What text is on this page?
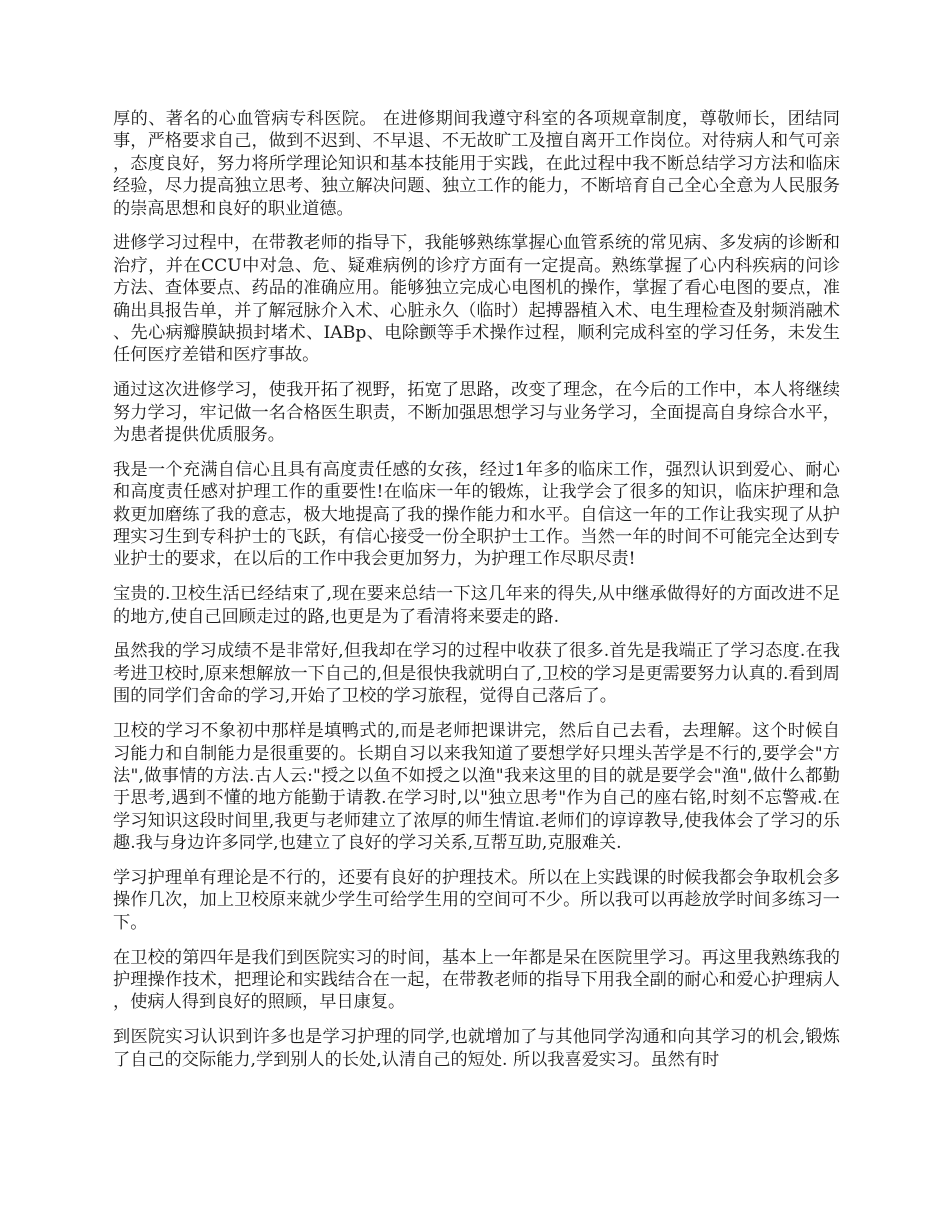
厚的、著名的心血管病专科医院。 在进修期间我遵守科室的各项规章制度，尊敬师长，团结同事，严格要求自己，做到不迟到、不早退、不无故旷工及擅自离开工作岗位。对待病人和气可亲，态度良好，努力将所学理论知识和基本技能用于实践，在此过程中我不断总结学习方法和临床经验，尽力提高独立思考、独立解决问题、独立工作的能力，不断培育自己全心全意为人民服务的崇高思想和良好的职业道德。

进修学习过程中，在带教老师的指导下，我能够熟练掌握心血管系统的常见病、多发病的诊断和治疗，并在CCU中对急、危、疑难病例的诊疗方面有一定提高。熟练掌握了心内科疾病的问诊方法、查体要点、药品的准确应用。能够独立完成心电图机的操作，掌握了看心电图的要点，准确出具报告单，并了解冠脉介入术、心脏永久（临时）起搏器植入术、电生理检查及射频消融术、先心病瓣膜缺损封堵术、IABp、电除颤等手术操作过程，顺利完成科室的学习任务，未发生任何医疗差错和医疗事故。

通过这次进修学习，使我开拓了视野，拓宽了思路，改变了理念，在今后的工作中，本人将继续努力学习，牢记做一名合格医生职责，不断加强思想学习与业务学习，全面提高自身综合水平，为患者提供优质服务。

我是一个充满自信心且具有高度责任感的女孩，经过1年多的临床工作，强烈认识到爱心、耐心和高度责任感对护理工作的重要性!在临床一年的锻炼，让我学会了很多的知识，临床护理和急救更加磨练了我的意志，极大地提高了我的操作能力和水平。自信这一年的工作让我实现了从护理实习生到专科护士的飞跃，有信心接受一份全职护士工作。当然一年的时间不可能完全达到专业护士的要求，在以后的工作中我会更加努力，为护理工作尽职尽责!

宝贵的.卫校生活已经结束了,现在要来总结一下这几年来的得失,从中继承做得好的方面改进不足的地方,使自己回顾走过的路,也更是为了看清将来要走的路.

虽然我的学习成绩不是非常好,但我却在学习的过程中收获了很多.首先是我端正了学习态度.在我考进卫校时,原来想解放一下自己的,但是很快我就明白了,卫校的学习是更需要努力认真的.看到周围的同学们舍命的学习,开始了卫校的学习旅程，觉得自己落后了。

卫校的学习不象初中那样是填鸭式的,而是老师把课讲完，然后自己去看，去理解。这个时候自习能力和自制能力是很重要的。长期自习以来我知道了要想学好只埋头苦学是不行的,要学会"方法",做事情的方法.古人云:"授之以鱼不如授之以渔"我来这里的目的就是要学会"渔",做什么都勤于思考,遇到不懂的地方能勤于请教.在学习时,以"独立思考"作为自己的座右铭,时刻不忘警戒.在学习知识这段时间里,我更与老师建立了浓厚的师生情谊.老师们的谆谆教导,使我体会了学习的乐趣.我与身边许多同学,也建立了良好的学习关系,互帮互助,克服难关.

学习护理单有理论是不行的，还要有良好的护理技术。所以在上实践课的时候我都会争取机会多操作几次，加上卫校原来就少学生可给学生用的空间可不少。所以我可以再趁放学时间多练习一下。

在卫校的第四年是我们到医院实习的时间，基本上一年都是呆在医院里学习。再这里我熟练我的护理操作技术，把理论和实践结合在一起，在带教老师的指导下用我全副的耐心和爱心护理病人，使病人得到良好的照顾，早日康复。

到医院实习认识到许多也是学习护理的同学,也就增加了与其他同学沟通和向其学习的机会,锻炼了自己的交际能力,学到别人的长处,认清自己的短处. 所以我喜爱实习。虽然有时
